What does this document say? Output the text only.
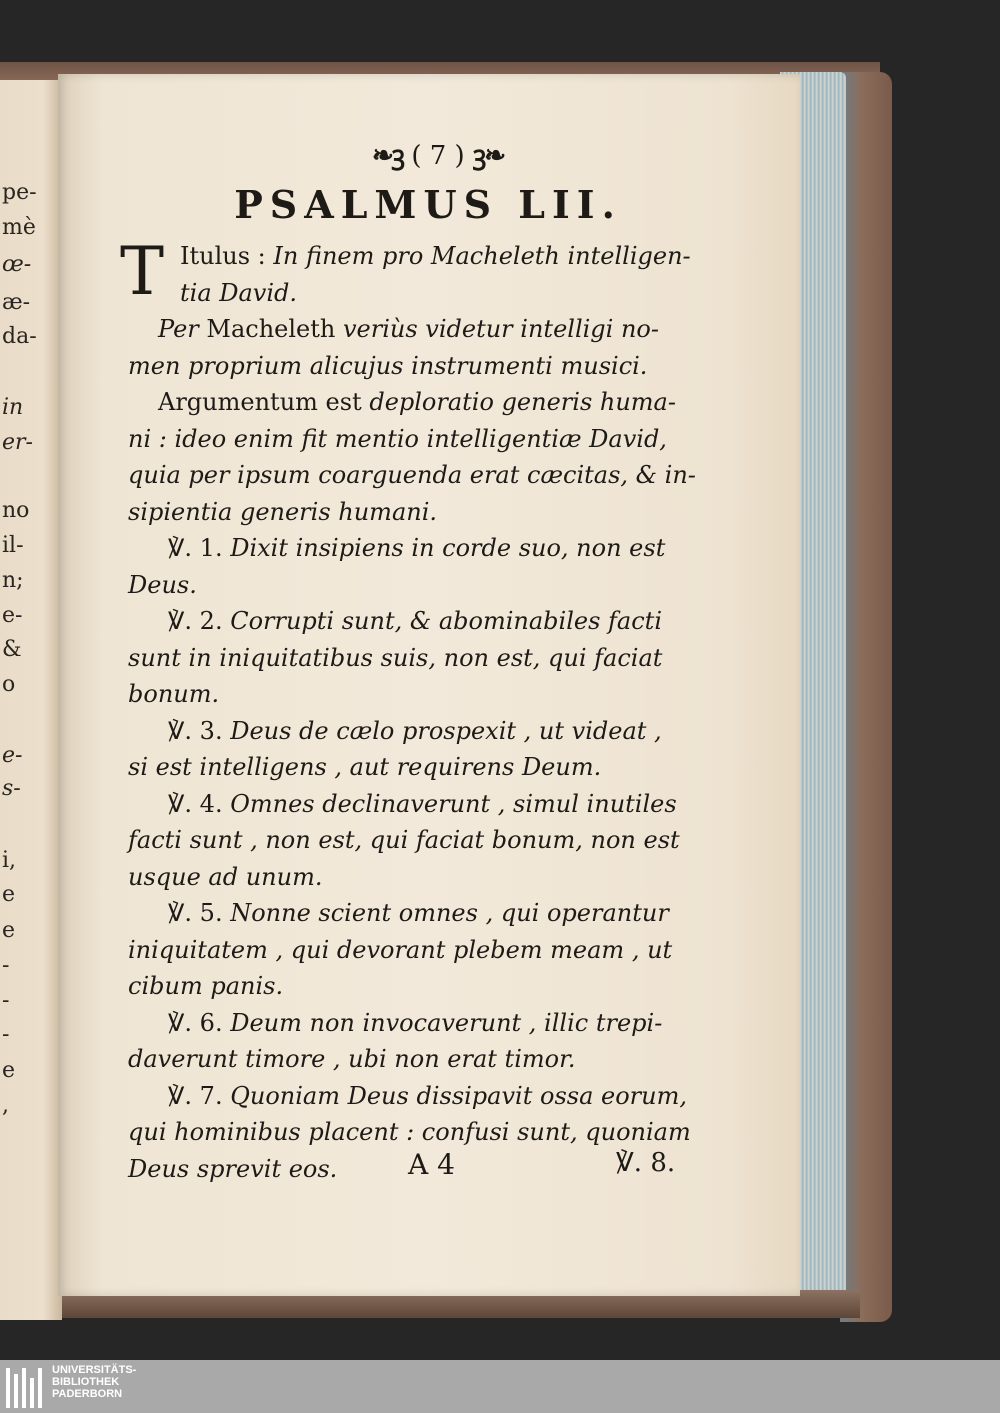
pe-
mè
œ-
æ-
da-
in
er-
no
il-
n;
e-
&
o
e-
s-
i,
e
e
-
-
-
e
,
❧ꝫ ( 7 ) ꝫ❧
PSALMUS LII.
T Itulus : In finem pro Macheleth intelligen-
tia David.
Per Macheleth veriùs videtur intelligi no-
men proprium alicujus instrumenti musici.
Argumentum est deploratio generis huma-
ni : ideo enim fit mentio intelligentiæ David,
quia per ipsum coarguenda erat cæcitas, & in-
sipientia generis humani.
℣. 1. Dixit insipiens in corde suo, non est
Deus.
℣. 2. Corrupti sunt, & abominabiles facti
sunt in iniquitatibus suis, non est, qui faciat
bonum.
℣. 3. Deus de cælo prospexit , ut videat ,
si est intelligens , aut requirens Deum.
℣. 4. Omnes declinaverunt , simul inutiles
facti sunt , non est, qui faciat bonum, non est
usque ad unum.
℣. 5. Nonne scient omnes , qui operantur
iniquitatem , qui devorant plebem meam , ut
cibum panis.
℣. 6. Deum non invocaverunt , illic trepi-
daverunt timore , ubi non erat timor.
℣. 7. Quoniam Deus dissipavit ossa eorum,
qui hominibus placent : confusi sunt, quoniam
Deus sprevit eos.	A 4	℣. 8.
UNIVERSITÄTS-
BIBLIOTHEK
PADERBORN
